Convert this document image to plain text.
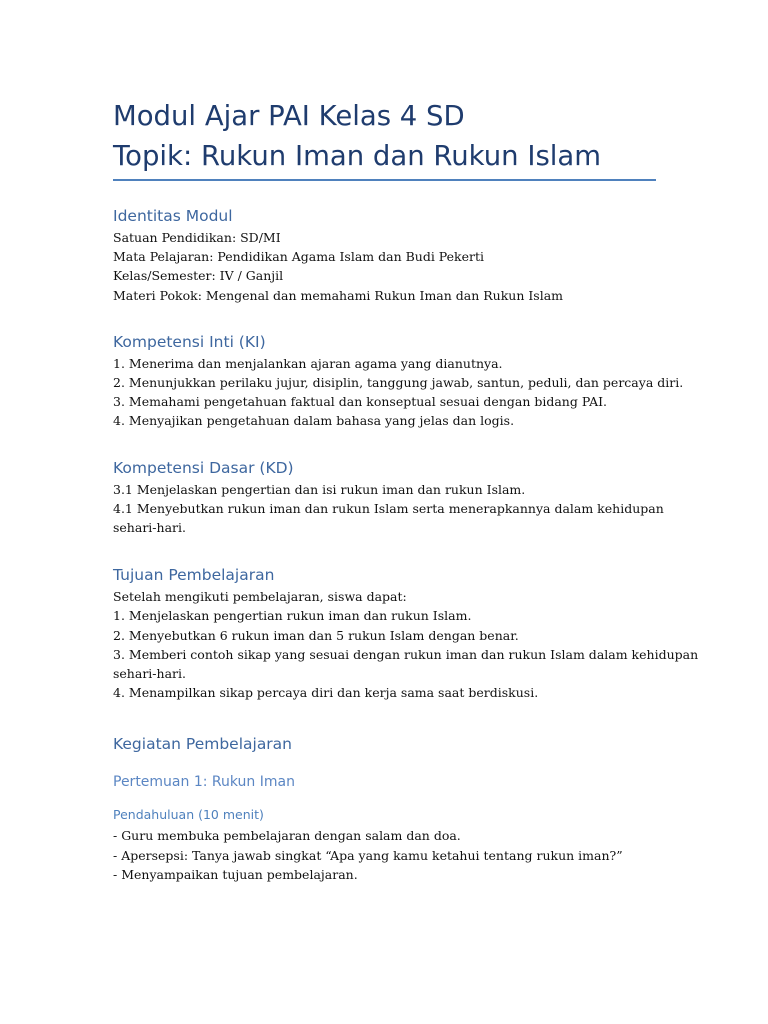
Modul Ajar PAI Kelas 4 SD
Topik: Rukun Iman dan Rukun Islam
Identitas Modul

Satuan Pendidikan: SD/MI

Mata Pelajaran: Pendidikan Agama Islam dan Budi Pekerti

Kelas/Semester: IV / Ganjil

Materi Pokok: Mengenal dan memahami Rukun Iman dan Rukun Islam

Kompetensi Inti (KI)

1. Menerima dan menjalankan ajaran agama yang dianutnya.

2. Menunjukkan perilaku jujur, disiplin, tanggung jawab, santun, peduli, dan percaya diri.

3. Memahami pengetahuan faktual dan konseptual sesuai dengan bidang PAI.

4. Menyajikan pengetahuan dalam bahasa yang jelas dan logis.

Kompetensi Dasar (KD)

3.1 Menjelaskan pengertian dan isi rukun iman dan rukun Islam.

4.1 Menyebutkan rukun iman dan rukun Islam serta menerapkannya dalam kehidupan

sehari-hari.

Tujuan Pembelajaran

Setelah mengikuti pembelajaran, siswa dapat:

1. Menjelaskan pengertian rukun iman dan rukun Islam.

2. Menyebutkan 6 rukun iman dan 5 rukun Islam dengan benar.

3. Memberi contoh sikap yang sesuai dengan rukun iman dan rukun Islam dalam kehidupan

sehari-hari.

4. Menampilkan sikap percaya diri dan kerja sama saat berdiskusi.

Kegiatan Pembelajaran
Pertemuan 1: Rukun Iman
Pendahuluan (10 menit)

- Guru membuka pembelajaran dengan salam dan doa.

- Apersepsi: Tanya jawab singkat “Apa yang kamu ketahui tentang rukun iman?”

- Menyampaikan tujuan pembelajaran.
